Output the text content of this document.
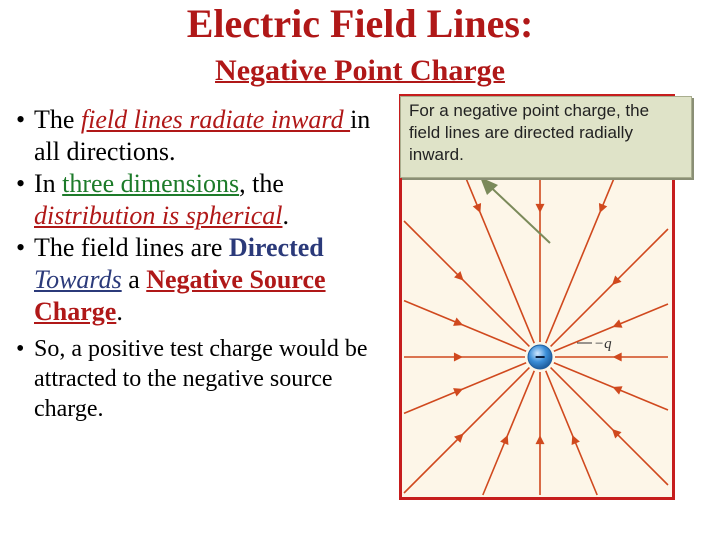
Electric Field Lines:
Negative Point Charge

• The field lines radiate inward in all directions.

• In three dimensions, the distribution is spherical.

• The field lines are Directed Towards a Negative Source Charge.

• So, a positive test charge would be attracted to the negative source charge.

−
−q
For a negative point charge, the field lines are directed radially inward.
